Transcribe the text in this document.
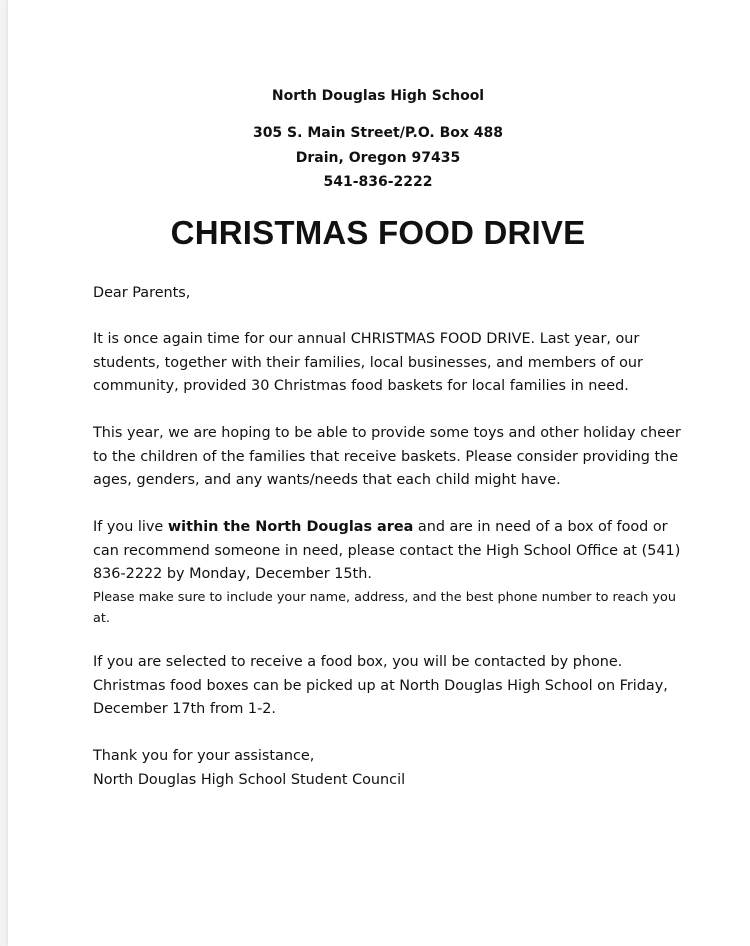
North Douglas High School
305 S. Main Street/P.O. Box 488
Drain, Oregon 97435
541-836-2222
CHRISTMAS FOOD DRIVE

Dear Parents,

It is once again time for our annual CHRISTMAS FOOD DRIVE. Last year, our students, together with their families, local businesses, and members of our community, provided 30 Christmas food baskets for local families in need.

This year, we are hoping to be able to provide some toys and other holiday cheer to the children of the families that receive baskets. Please consider providing the ages, genders, and any wants/needs that each child might have.

If you live within the North Douglas area and are in need of a box of food or can recommend someone in need, please contact the High School Office at (541) 836-2222 by Monday, December 15th.

Please make sure to include your name, address, and the best phone number to reach you at.

If you are selected to receive a food box, you will be contacted by phone. Christmas food boxes can be picked up at North Douglas High School on Friday, December 17th from 1-2.

Thank you for your assistance,

North Douglas High School Student Council
